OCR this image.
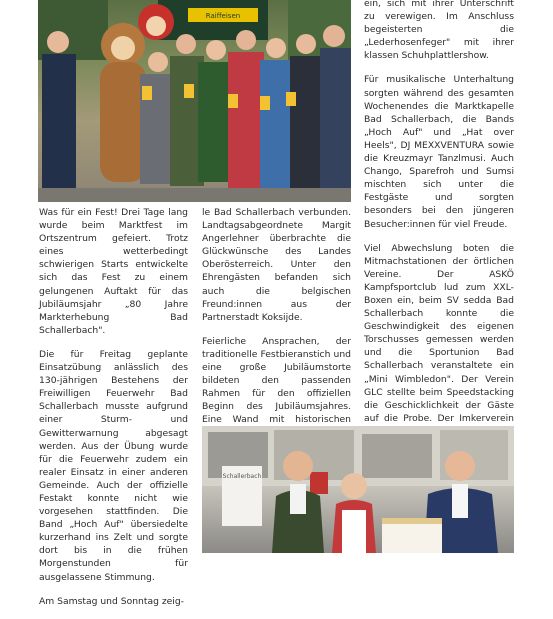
Raiffeisen

Was für ein Fest! Drei Tage lang wurde beim Marktfest im Ortszentrum gefeiert. Trotz eines wetterbedingt schwierigen Starts entwickelte sich das Fest zu einem gelungenen Auftakt für das Jubiläumsjahr „80 Jahre Markterhebung Bad Schallerbach".

Die für Freitag geplante Einsatzübung anlässlich des 130-jährigen Bestehens der Freiwilligen Feuerwehr Bad Schallerbach musste aufgrund einer Sturm- und Gewitterwarnung abgesagt werden. Aus der Übung wurde für die Feuerwehr zudem ein realer Einsatz in einer anderen Gemeinde. Auch der offizielle Festakt konnte nicht wie vorgesehen stattfinden. Die Band „Hoch Auf" übersiedelte kurzerhand ins Zelt und sorgte dort bis in die frühen Morgenstunden für ausgelassene Stimmung.

Am Samstag und Sonntag zeig-

le Bad Schallerbach verbunden. Landtagsabgeordnete Margit Angerlehner überbrachte die Glückwünsche des Landes Oberösterreich. Unter den Ehrengästen befanden sich auch die belgischen Freund:innen aus der Partnerstadt Koksijde.

Feierliche Ansprachen, der traditionelle Festbieranstich und eine große Jubiläumstorte bildeten den passenden Rahmen für den offiziellen Beginn des Jubiläumsjahres. Eine Wand mit historischen

ein, sich mit ihrer Unterschrift zu verewigen. Im Anschluss begeisterten die „Lederhosenfeger" mit ihrer klassen Schuhplattlershow.

Für musikalische Unterhaltung sorgten während des gesamten Wochenendes die Marktkapelle Bad Schallerbach, die Bands „Hoch Auf" und „Hat over Heels", DJ MEXXVENTURA sowie die Kreuzmayr Tanzlmusi. Auch Chango, Sparefroh und Sumsi mischten sich unter die Festgäste und sorgten besonders bei den jüngeren Besucher:innen für viel Freude.

Viel Abwechslung boten die Mitmachstationen der örtlichen Vereine. Der ASKÖ Kampfsportclub lud zum XXL-Boxen ein, beim SV sedda Bad Schallerbach konnte die Geschwindigkeit des eigenen Torschusses gemessen werden und die Sportunion Bad Schallerbach veranstaltete ein „Mini Wimbledon". Der Verein GLC stellte beim Speedstacking die Geschicklichkeit der Gäste auf die Probe. Der Imkerverein

Schallerbach
